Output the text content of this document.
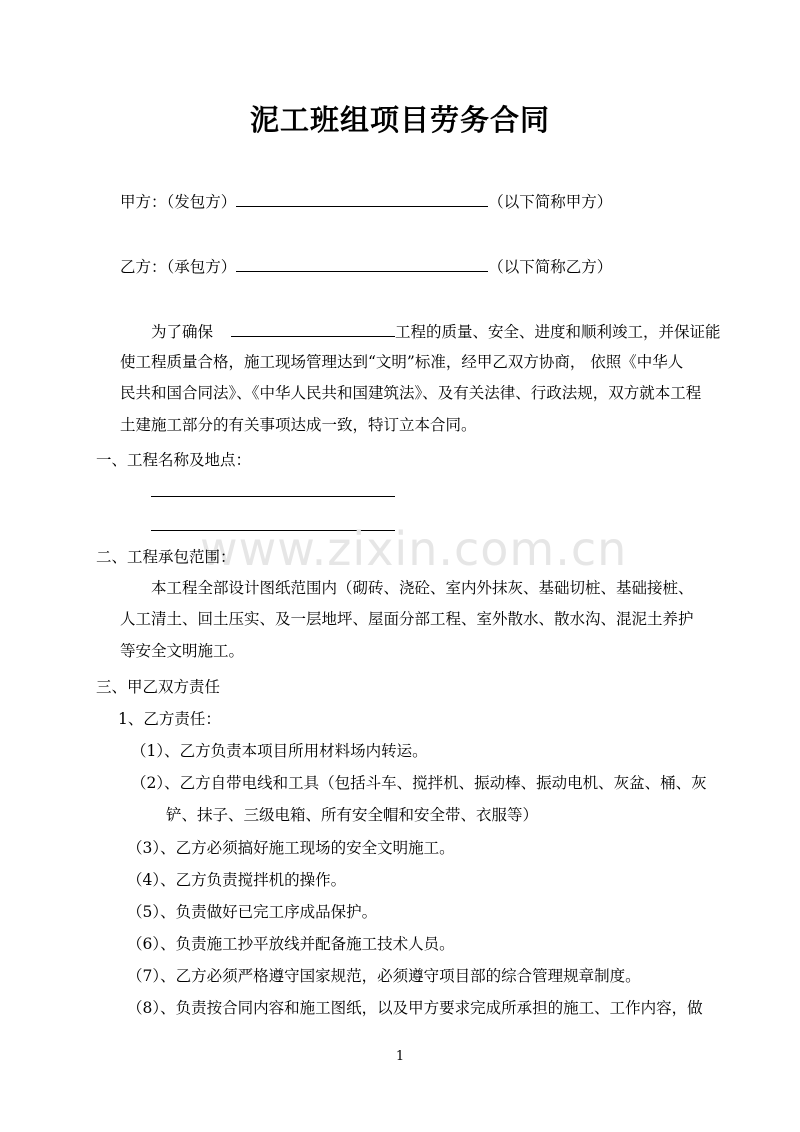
泥工班组项目劳务合同
甲方：（发包方）	（以下简称甲方）
乙方：（承包方）	（以下简称乙方）
为了确保	工程的质量、安全、进度和顺利竣工，并保证能
使工程质量合格，施工现场管理达到“文明”标准，经甲乙双方协商， 依照《中华人
民共和国合同法》、《中华人民共和国建筑法》、及有关法律、行政法规，双方就本工程
土建施工部分的有关事项达成一致，特订立本合同。
一、工程名称及地点：
www.zixin.com.cn
二、工程承包范围：
本工程全部设计图纸范围内（砌砖、浇砼、室内外抹灰、基础切桩、基础接桩、
人工清土、回土压实、及一层地坪、屋面分部工程、室外散水、散水沟、混泥土养护
等安全文明施工。
三、甲乙双方责任
1、乙方责任：
（1）、乙方负责本项目所用材料场内转运。
（2）、乙方自带电线和工具（包括斗车、搅拌机、振动棒、振动电机、灰盆、桶、灰
铲、抹子、三级电箱、所有安全帽和安全带、衣服等）
（3）、乙方必须搞好施工现场的安全文明施工。
（4）、乙方负责搅拌机的操作。
（5）、负责做好已完工序成品保护。
（6）、负责施工抄平放线并配备施工技术人员。
（7）、乙方必须严格遵守国家规范，必须遵守项目部的综合管理规章制度。
（8）、负责按合同内容和施工图纸，以及甲方要求完成所承担的施工、工作内容，做
1
